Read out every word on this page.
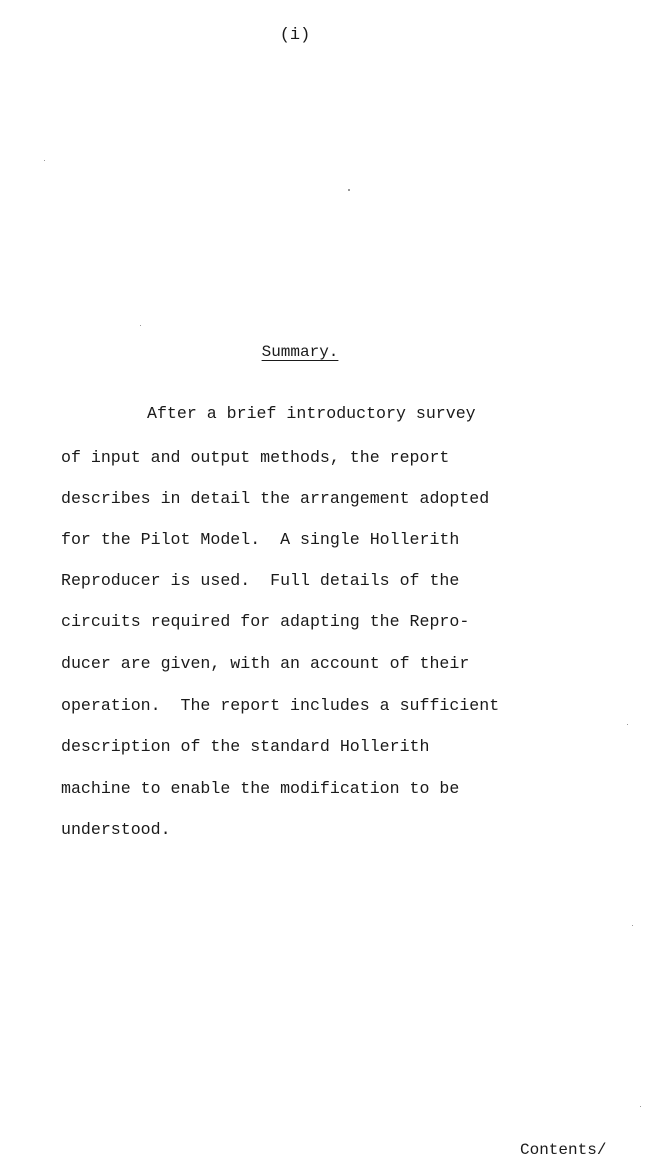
(i)
Summary.
After a brief introductory survey
of input and output methods, the report
describes in detail the arrangement adopted
for the Pilot Model.  A single Hollerith
Reproducer is used.  Full details of the
circuits required for adapting the Repro-
ducer are given, with an account of their
operation.  The report includes a sufficient
description of the standard Hollerith
machine to enable the modification to be
understood.
Contents/
